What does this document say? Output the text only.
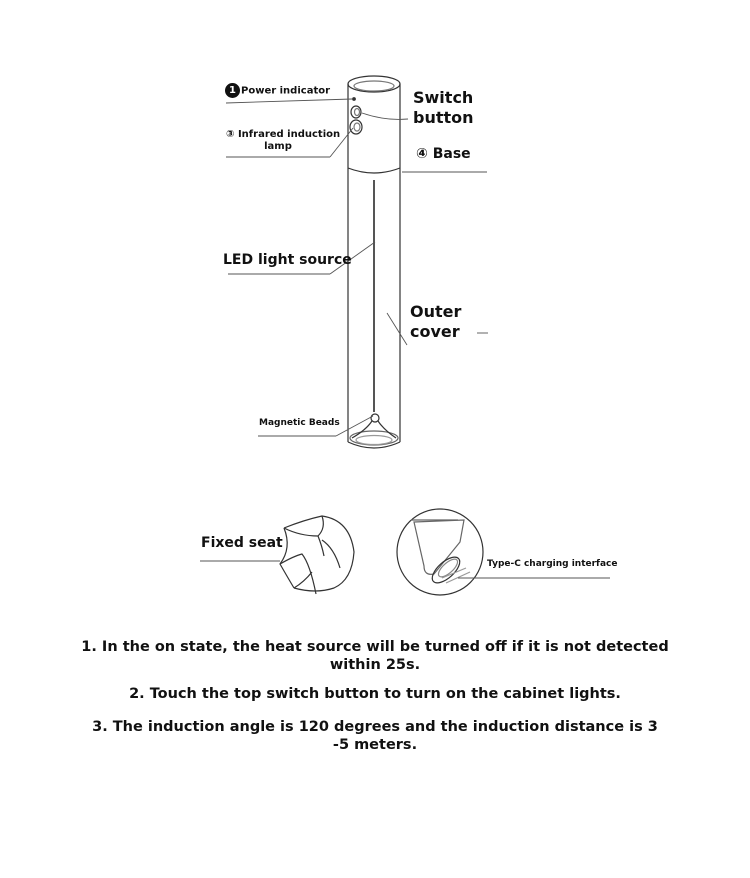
1 Power indicator
③ Infrared induction
lamp
Switch
button
④ Base
LED light source
Outer
cover
Magnetic Beads
Fixed seat
Type-C charging interface
1. In the on state, the heat source will be turned off if it is not detected
within 25s.
2. Touch the top switch button to turn on the cabinet lights.
3. The induction angle is 120 degrees and the induction distance is 3
-5 meters.
